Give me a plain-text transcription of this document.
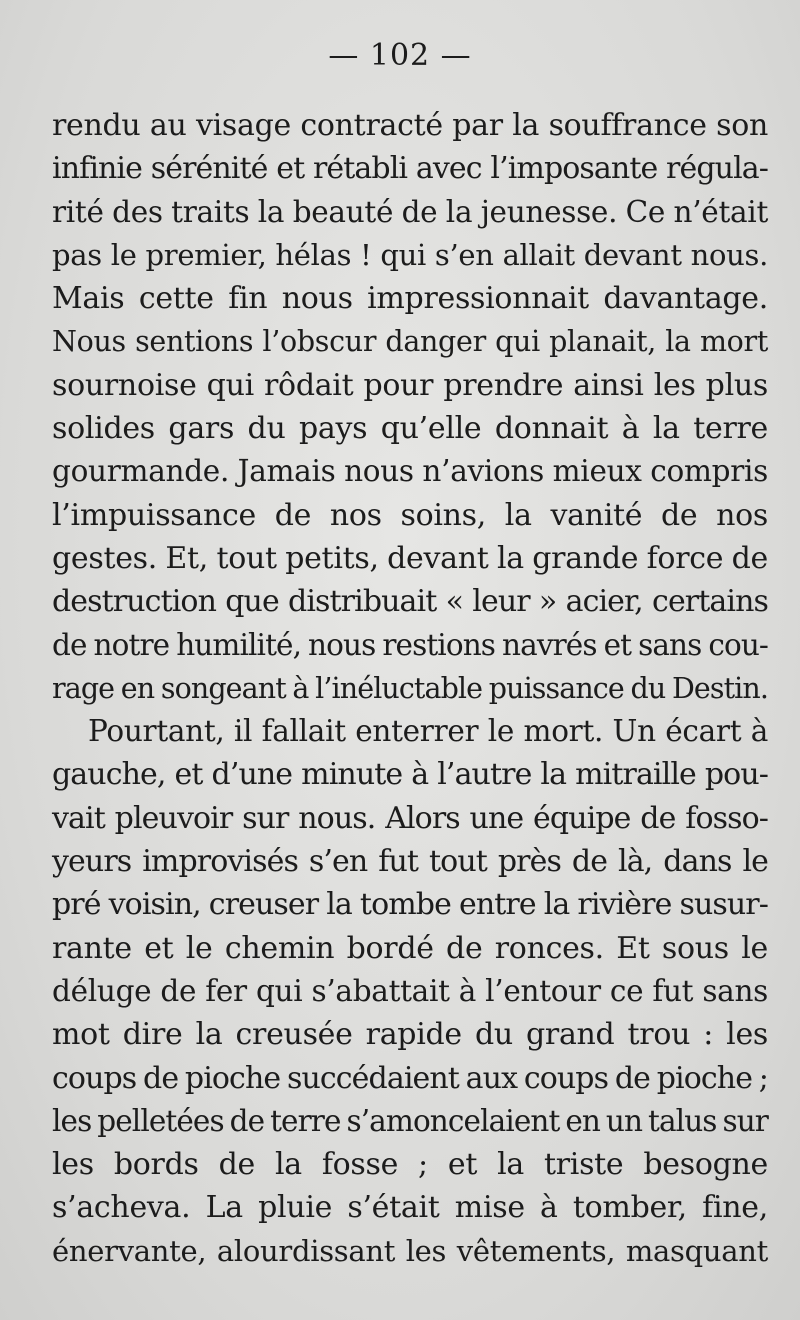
— 102 —
rendu au visage contracté par la souffrance son
infinie sérénité et rétabli avec l’imposante régula-
rité des traits la beauté de la jeunesse. Ce n’était
pas le premier, hélas ! qui s’en allait devant nous.
Mais cette fin nous impressionnait davantage.
Nous sentions l’obscur danger qui planait, la mort
sournoise qui rôdait pour prendre ainsi les plus
solides gars du pays qu’elle donnait à la terre
gourmande. Jamais nous n’avions mieux compris
l’impuissance de nos soins, la vanité de nos
gestes. Et, tout petits, devant la grande force de
destruction que distribuait « leur » acier, certains
de notre humilité, nous restions navrés et sans cou-
rage en songeant à l’inéluctable puissance du Destin.
Pourtant, il fallait enterrer le mort. Un écart à
gauche, et d’une minute à l’autre la mitraille pou-
vait pleuvoir sur nous. Alors une équipe de fosso-
yeurs improvisés s’en fut tout près de là, dans le
pré voisin, creuser la tombe entre la rivière susur-
rante et le chemin bordé de ronces. Et sous le
déluge de fer qui s’abattait à l’entour ce fut sans
mot dire la creusée rapide du grand trou : les
coups de pioche succédaient aux coups de pioche ;
les pelletées de terre s’amoncelaient en un talus sur
les bords de la fosse ; et la triste besogne
s’acheva. La pluie s’était mise à tomber, fine,
énervante, alourdissant les vêtements, masquant
